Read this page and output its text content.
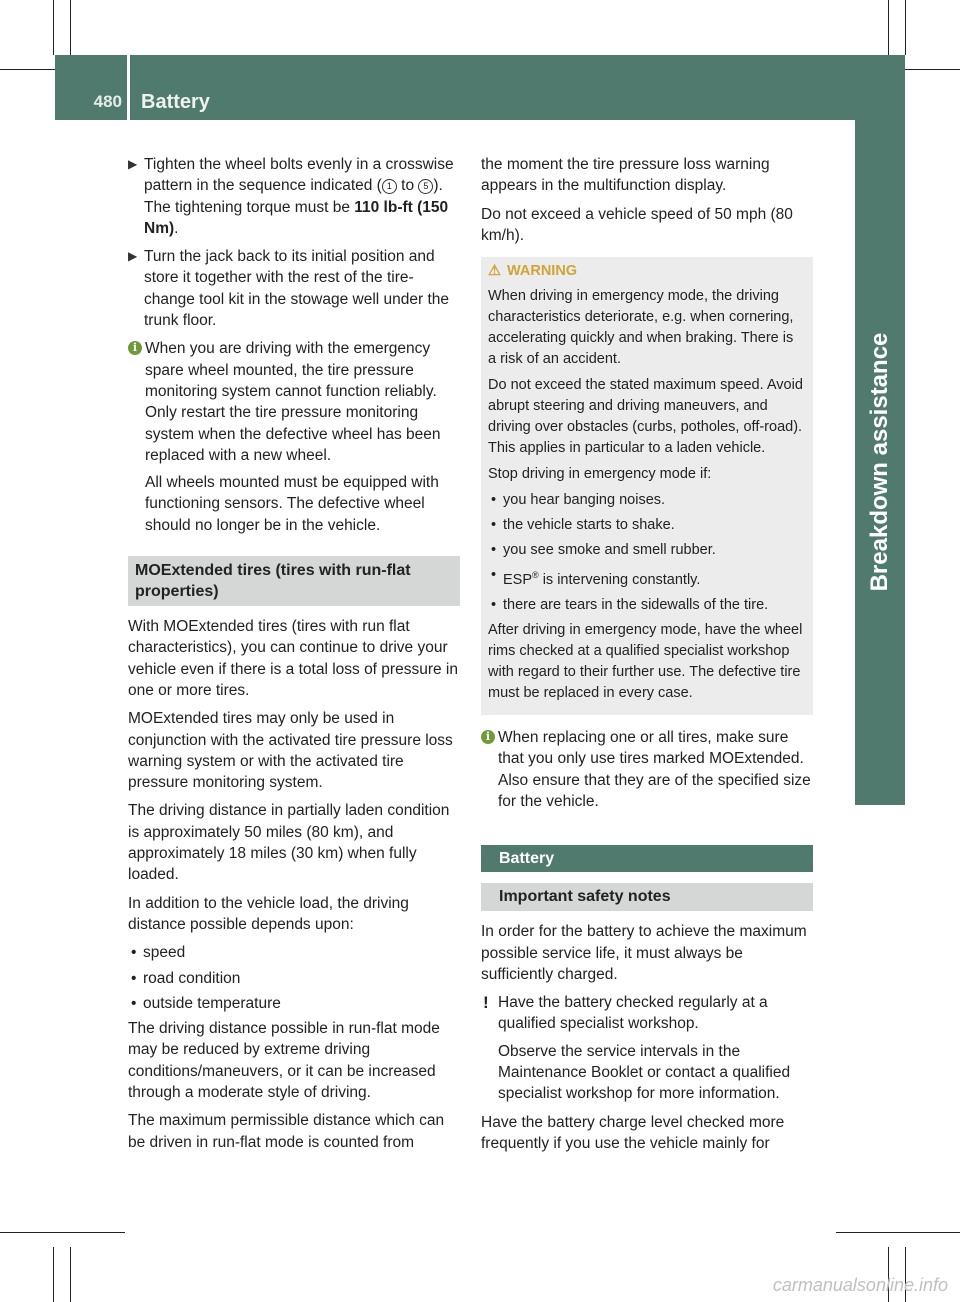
480 Battery
Breakdown assistance
▶ Tighten the wheel bolts evenly in a crosswise pattern in the sequence indicated ( 1 to 5 ). The tightening torque must be 110 lb-ft (150 Nm).
▶ Turn the jack back to its initial position and store it together with the rest of the tire-change tool kit in the stowage well under the trunk floor.
i When you are driving with the emergency spare wheel mounted, the tire pressure monitoring system cannot function reliably. Only restart the tire pressure monitoring system when the defective wheel has been replaced with a new wheel.

All wheels mounted must be equipped with functioning sensors. The defective wheel should no longer be in the vehicle.

MOExtended tires (tires with run-flat properties)

With MOExtended tires (tires with run flat characteristics), you can continue to drive your vehicle even if there is a total loss of pressure in one or more tires.

MOExtended tires may only be used in conjunction with the activated tire pressure loss warning system or with the activated tire pressure monitoring system.

The driving distance in partially laden condition is approximately 50 miles (80 km), and approximately 18 miles (30 km) when fully loaded.

In addition to the vehicle load, the driving distance possible depends upon:

• speed
• road condition
• outside temperature

The driving distance possible in run-flat mode may be reduced by extreme driving conditions/maneuvers, or it can be increased through a moderate style of driving.

The maximum permissible distance which can be driven in run-flat mode is counted from

the moment the tire pressure loss warning appears in the multifunction display.

Do not exceed a vehicle speed of 50 mph (80 km/h).

⚠ WARNING

When driving in emergency mode, the driving characteristics deteriorate, e.g. when cornering, accelerating quickly and when braking. There is a risk of an accident.

Do not exceed the stated maximum speed. Avoid abrupt steering and driving maneuvers, and driving over obstacles (curbs, potholes, off-road). This applies in particular to a laden vehicle.

Stop driving in emergency mode if:

• you hear banging noises.
• the vehicle starts to shake.
• you see smoke and smell rubber.
• ESP® is intervening constantly.
• there are tears in the sidewalls of the tire.

After driving in emergency mode, have the wheel rims checked at a qualified specialist workshop with regard to their further use. The defective tire must be replaced in every case.

i When replacing one or all tires, make sure that you only use tires marked MOExtended. Also ensure that they are of the specified size for the vehicle.

Battery
Important safety notes

In order for the battery to achieve the maximum possible service life, it must always be sufficiently charged.

! Have the battery checked regularly at a qualified specialist workshop.

Observe the service intervals in the Maintenance Booklet or contact a qualified specialist workshop for more information.

Have the battery charge level checked more frequently if you use the vehicle mainly for

carmanualsonline.info
